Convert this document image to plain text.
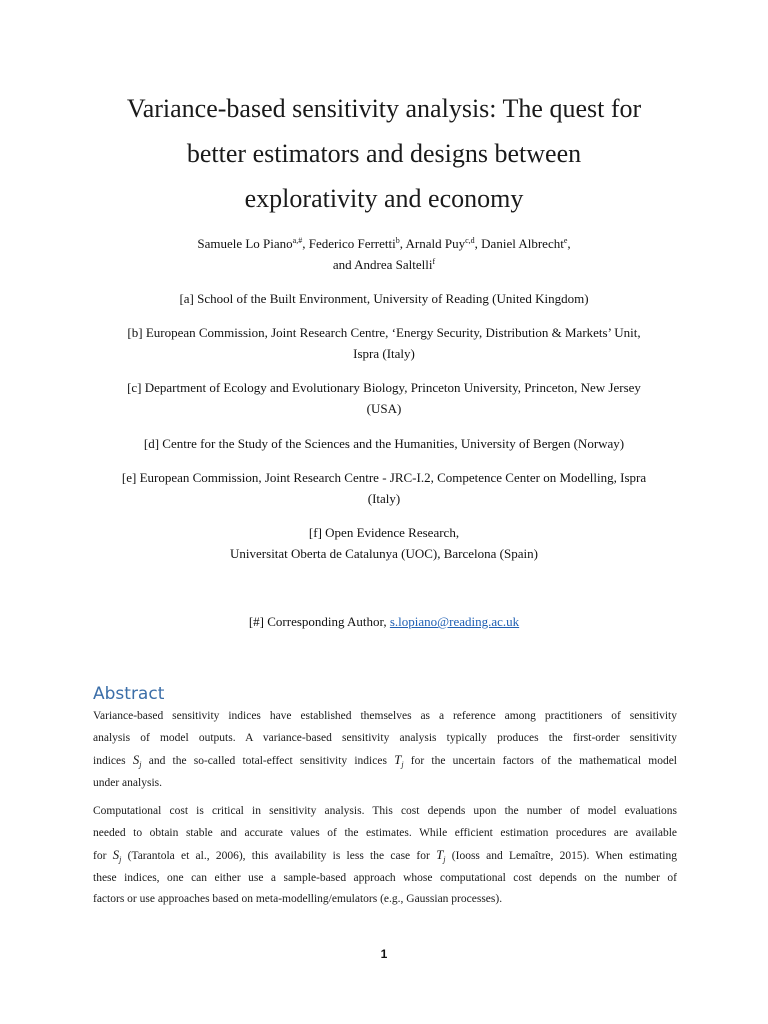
Variance-based sensitivity analysis: The quest for
better estimators and designs between
explorativity and economy
Samuele Lo Piano$^{a,\#}$, Federico Ferretti$^b$, Arnald Puy$^{c,d}$, Daniel Albrecht$^e$,
and Andrea Saltelli$^f$
[a] School of the Built Environment, University of Reading (United Kingdom)
[b] European Commission, Joint Research Centre, ‘Energy Security, Distribution & Markets’ Unit,
Ispra (Italy)
[c] Department of Ecology and Evolutionary Biology, Princeton University, Princeton, New Jersey
(USA)
[d] Centre for the Study of the Sciences and the Humanities, University of Bergen (Norway)
[e] European Commission, Joint Research Centre - JRC-I.2, Competence Center on Modelling, Ispra
(Italy)
[f] Open Evidence Research,
Universitat Oberta de Catalunya (UOC), Barcelona (Spain)
[#] Corresponding Author, s.lopiano@reading.ac.uk
Abstract
Variance-based sensitivity indices have established themselves as a reference among practitioners of sensitivity
analysis of model outputs. A variance-based sensitivity analysis typically produces the first-order sensitivity
indices $S_j$ and the so-called total-effect sensitivity indices $T_j$ for the uncertain factors of the mathematical model
under analysis.
Computational cost is critical in sensitivity analysis. This cost depends upon the number of model evaluations
needed to obtain stable and accurate values of the estimates. While efficient estimation procedures are available
for $S_j$ (Tarantola et al., 2006), this availability is less the case for $T_j$ (Iooss and Lemaître, 2015). When estimating
these indices, one can either use a sample-based approach whose computational cost depends on the number of
factors or use approaches based on meta-modelling/emulators (e.g., Gaussian processes).
1
